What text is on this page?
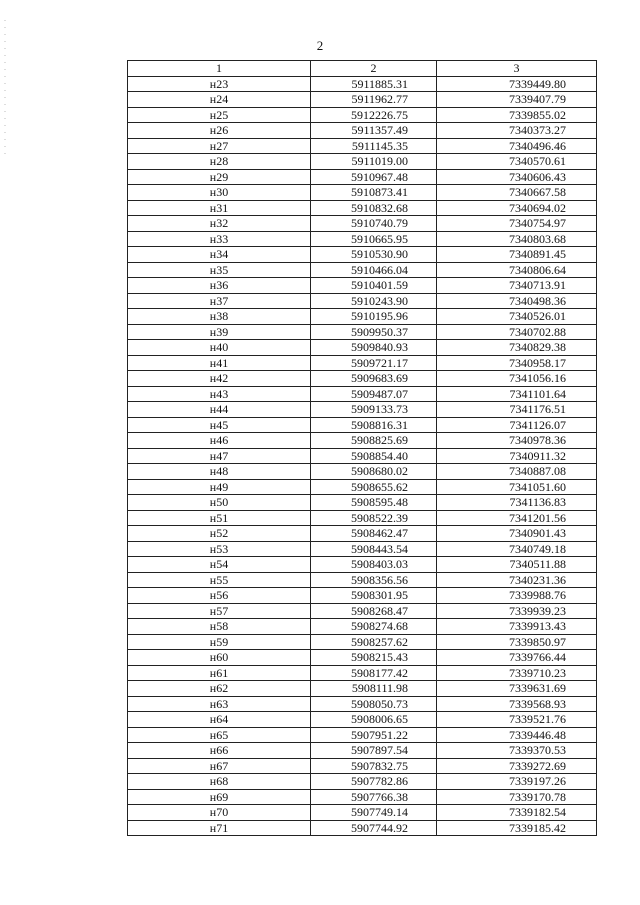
2
1	2	3
н23	5911885.31	7339449.80
н24	5911962.77	7339407.79
н25	5912226.75	7339855.02
н26	5911357.49	7340373.27
н27	5911145.35	7340496.46
н28	5911019.00	7340570.61
н29	5910967.48	7340606.43
н30	5910873.41	7340667.58
н31	5910832.68	7340694.02
н32	5910740.79	7340754.97
н33	5910665.95	7340803.68
н34	5910530.90	7340891.45
н35	5910466.04	7340806.64
н36	5910401.59	7340713.91
н37	5910243.90	7340498.36
н38	5910195.96	7340526.01
н39	5909950.37	7340702.88
н40	5909840.93	7340829.38
н41	5909721.17	7340958.17
н42	5909683.69	7341056.16
н43	5909487.07	7341101.64
н44	5909133.73	7341176.51
н45	5908816.31	7341126.07
н46	5908825.69	7340978.36
н47	5908854.40	7340911.32
н48	5908680.02	7340887.08
н49	5908655.62	7341051.60
н50	5908595.48	7341136.83
н51	5908522.39	7341201.56
н52	5908462.47	7340901.43
н53	5908443.54	7340749.18
н54	5908403.03	7340511.88
н55	5908356.56	7340231.36
н56	5908301.95	7339988.76
н57	5908268.47	7339939.23
н58	5908274.68	7339913.43
н59	5908257.62	7339850.97
н60	5908215.43	7339766.44
н61	5908177.42	7339710.23
н62	5908111.98	7339631.69
н63	5908050.73	7339568.93
н64	5908006.65	7339521.76
н65	5907951.22	7339446.48
н66	5907897.54	7339370.53
н67	5907832.75	7339272.69
н68	5907782.86	7339197.26
н69	5907766.38	7339170.78
н70	5907749.14	7339182.54
н71	5907744.92	7339185.42
